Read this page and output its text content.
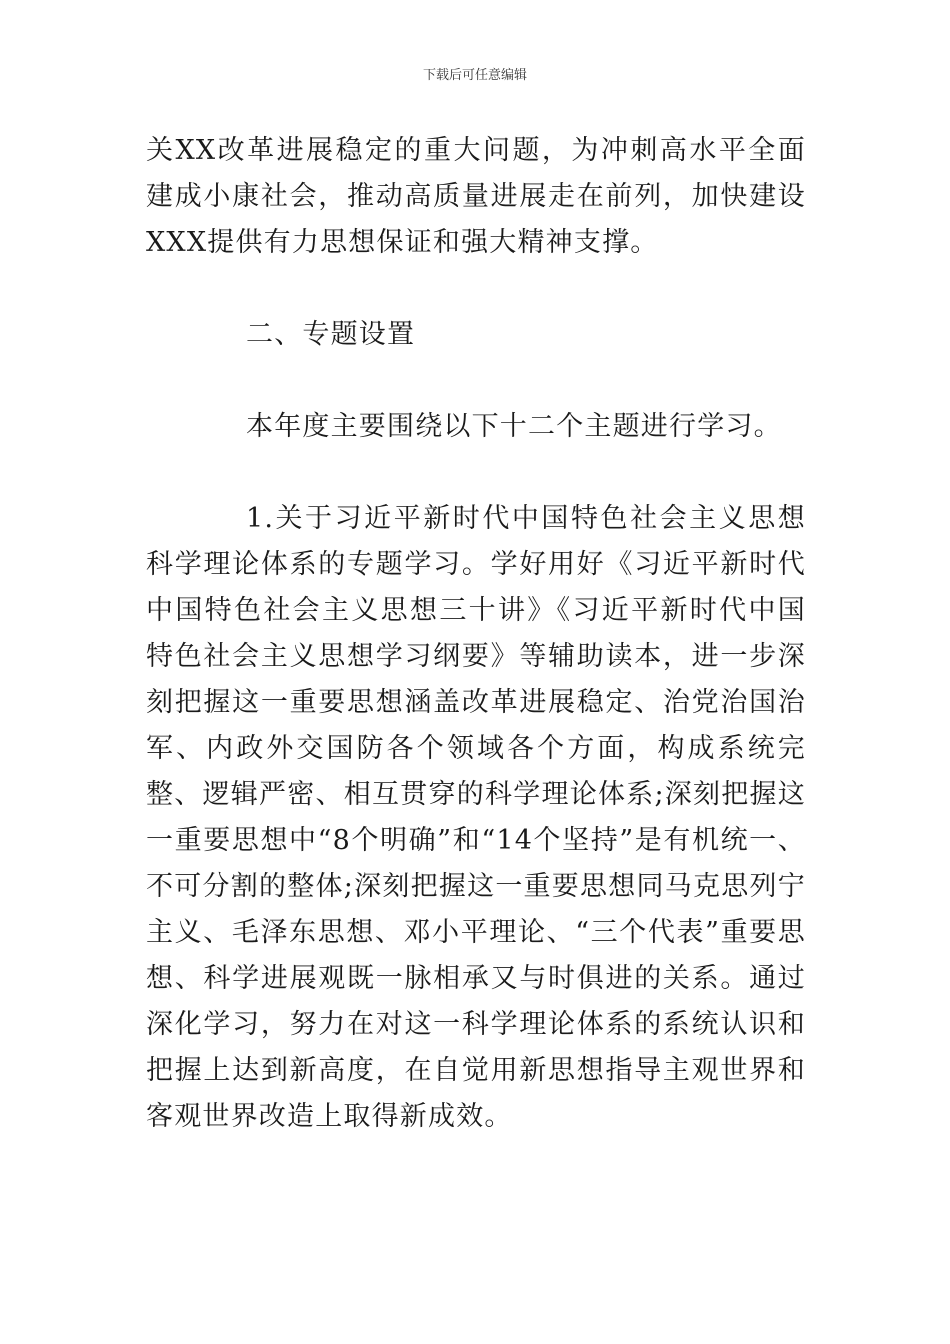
下载后可任意编辑

关XX改革进展稳定的重大问题，为冲刺高水平全面建成小康社会，推动高质量进展走在前列，加快建设XXX提供有力思想保证和强大精神支撑。

二、专题设置

本年度主要围绕以下十二个主题进行学习。

1.关于习近平新时代中国特色社会主义思想科学理论体系的专题学习。学好用好《习近平新时代中国特色社会主义思想三十讲》《习近平新时代中国特色社会主义思想学习纲要》等辅助读本，进一步深刻把握这一重要思想涵盖改革进展稳定、治党治国治军、内政外交国防各个领域各个方面，构成系统完整、逻辑严密、相互贯穿的科学理论体系;深刻把握这一重要思想中“8个明确”和“14个坚持”是有机统一、不可分割的整体;深刻把握这一重要思想同马克思列宁主义、毛泽东思想、邓小平理论、“三个代表”重要思想、科学进展观既一脉相承又与时俱进的关系。通过深化学习，努力在对这一科学理论体系的系统认识和把握上达到新高度，在自觉用新思想指导主观世界和客观世界改造上取得新成效。
